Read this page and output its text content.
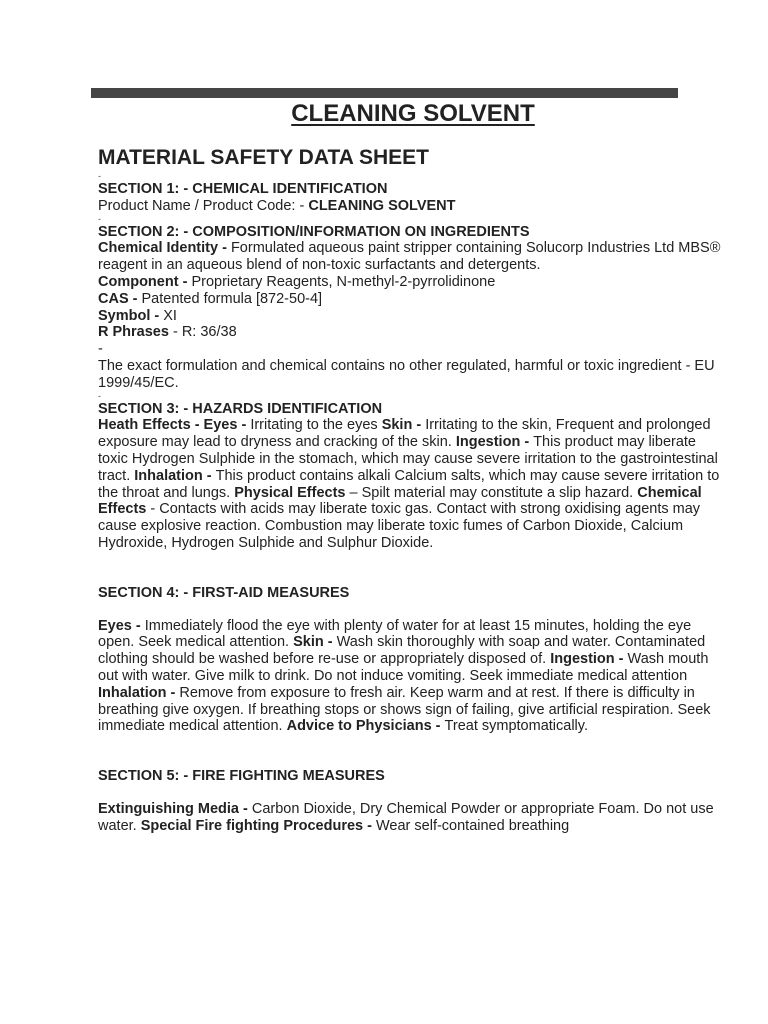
CLEANING SOLVENT

MATERIAL SAFETY DATA SHEET

-

SECTION 1: - CHEMICAL IDENTIFICATION

Product Name / Product Code: - CLEANING SOLVENT

-

SECTION 2: - COMPOSITION/INFORMATION ON INGREDIENTS

Chemical Identity - Formulated aqueous paint stripper containing Solucorp Industries Ltd MBS® reagent in an aqueous blend of non-toxic surfactants and detergents.

Component - Proprietary Reagents, N-methyl-2-pyrrolidinone

CAS - Patented formula [872-50-4]

Symbol - XI

R Phrases - R: 36/38

-

The exact formulation and chemical contains no other regulated, harmful or toxic ingredient - EU 1999/45/EC.

-

SECTION 3: - HAZARDS IDENTIFICATION

Heath Effects - Eyes - Irritating to the eyes Skin - Irritating to the skin, Frequent and prolonged exposure may lead to dryness and cracking of the skin. Ingestion - This product may liberate toxic Hydrogen Sulphide in the stomach, which may cause severe irritation to the gastrointestinal tract. Inhalation - This product contains alkali Calcium salts, which may cause severe irritation to the throat and lungs. Physical Effects – Spilt material may constitute a slip hazard. Chemical Effects - Contacts with acids may liberate toxic gas. Contact with strong oxidising agents may cause explosive reaction. Combustion may liberate toxic fumes of Carbon Dioxide, Calcium Hydroxide, Hydrogen Sulphide and Sulphur Dioxide.

SECTION 4: - FIRST-AID MEASURES

Eyes - Immediately flood the eye with plenty of water for at least 15 minutes, holding the eye open. Seek medical attention. Skin - Wash skin thoroughly with soap and water. Contaminated clothing should be washed before re-use or appropriately disposed of. Ingestion - Wash mouth out with water. Give milk to drink. Do not induce vomiting. Seek immediate medical attention Inhalation - Remove from exposure to fresh air. Keep warm and at rest. If there is difficulty in breathing give oxygen. If breathing stops or shows sign of failing, give artificial respiration. Seek immediate medical attention. Advice to Physicians - Treat symptomatically.

SECTION 5: - FIRE FIGHTING MEASURES

Extinguishing Media - Carbon Dioxide, Dry Chemical Powder or appropriate Foam. Do not use water. Special Fire fighting Procedures - Wear self-contained breathing
